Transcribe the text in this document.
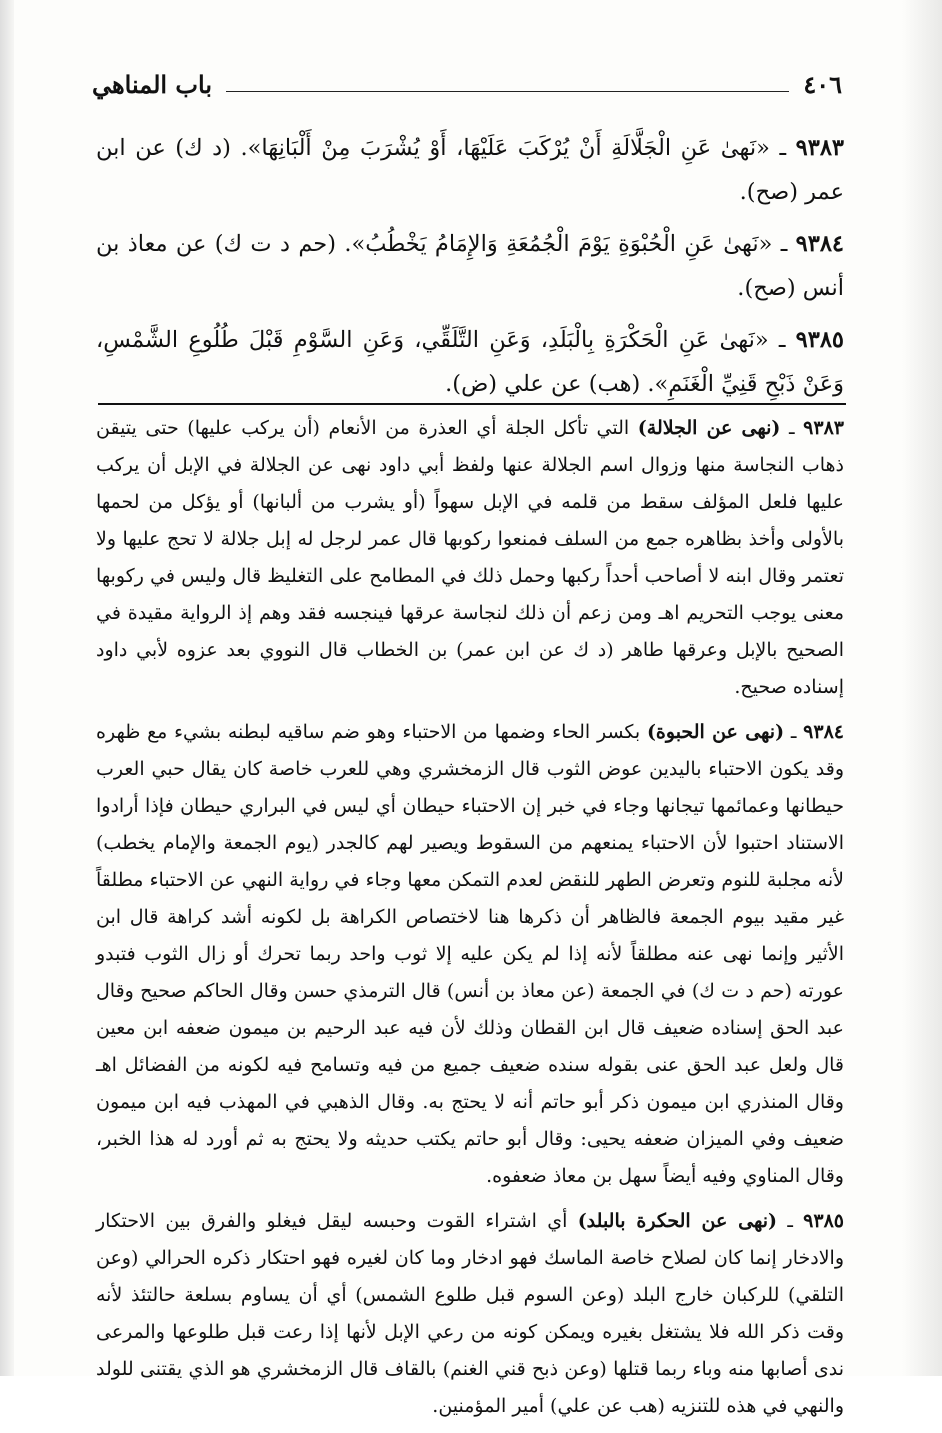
٤٠٦
باب المناهي

٩٣٨٣ ـ «نَهىٰ عَنِ الْجَلَّالَةِ أَنْ يُرْكَبَ عَلَيْهَا، أَوْ يُشْرَبَ مِنْ أَلْبَانِهَا». (د ك) عن ابن عمر (صح).

٩٣٨٤ ـ «نَهىٰ عَنِ الْحُبْوَةِ يَوْمَ الْجُمُعَةِ وَالإِمَامُ يَخْطُبُ». (حم د ت ك) عن معاذ بن أنس (صح).

٩٣٨٥ ـ «نَهىٰ عَنِ الْحَكْرَةِ بِالْبَلَدِ، وَعَنِ التَّلَقِّي، وَعَنِ السَّوْمِ قَبْلَ طُلُوعِ الشَّمْسِ، وَعَنْ ذَبْحِ قَنِيِّ الْغَنَمِ». (هب) عن علي (ض).

٩٣٨٣ ـ (نهى عن الجلالة) التي تأكل الجلة أي العذرة من الأنعام (أن يركب عليها) حتى يتيقن ذهاب النجاسة منها وزوال اسم الجلالة عنها ولفظ أبي داود نهى عن الجلالة في الإبل أن يركب عليها فلعل المؤلف سقط من قلمه في الإبل سهواً (أو يشرب من ألبانها) أو يؤكل من لحمها بالأولى وأخذ بظاهره جمع من السلف فمنعوا ركوبها قال عمر لرجل له إبل جلالة لا تحج عليها ولا تعتمر وقال ابنه لا أصاحب أحداً ركبها وحمل ذلك في المطامح على التغليظ قال وليس في ركوبها معنى يوجب التحريم اهـ ومن زعم أن ذلك لنجاسة عرقها فينجسه فقد وهم إذ الرواية مقيدة في الصحيح بالإبل وعرقها طاهر (د ك عن ابن عمر) بن الخطاب قال النووي بعد عزوه لأبي داود إسناده صحيح.

٩٣٨٤ ـ (نهى عن الحبوة) بكسر الحاء وضمها من الاحتباء وهو ضم ساقيه لبطنه بشيء مع ظهره وقد يكون الاحتباء باليدين عوض الثوب قال الزمخشري وهي للعرب خاصة كان يقال حبي العرب حيطانها وعمائمها تيجانها وجاء في خبر إن الاحتباء حيطان أي ليس في البراري حيطان فإذا أرادوا الاستناد احتبوا لأن الاحتباء يمنعهم من السقوط ويصير لهم كالجدر (يوم الجمعة والإمام يخطب) لأنه مجلبة للنوم وتعرض الطهر للنقض لعدم التمكن معها وجاء في رواية النهي عن الاحتباء مطلقاً غير مقيد بيوم الجمعة فالظاهر أن ذكرها هنا لاختصاص الكراهة بل لكونه أشد كراهة قال ابن الأثير وإنما نهى عنه مطلقاً لأنه إذا لم يكن عليه إلا ثوب واحد ربما تحرك أو زال الثوب فتبدو عورته (حم د ت ك) في الجمعة (عن معاذ بن أنس) قال الترمذي حسن وقال الحاكم صحيح وقال عبد الحق إسناده ضعيف قال ابن القطان وذلك لأن فيه عبد الرحيم بن ميمون ضعفه ابن معين قال ولعل عبد الحق عنى بقوله سنده ضعيف جميع من فيه وتسامح فيه لكونه من الفضائل اهـ وقال المنذري ابن ميمون ذكر أبو حاتم أنه لا يحتج به. وقال الذهبي في المهذب فيه ابن ميمون ضعيف وفي الميزان ضعفه يحيى: وقال أبو حاتم يكتب حديثه ولا يحتج به ثم أورد له هذا الخبر، وقال المناوي وفيه أيضاً سهل بن معاذ ضعفوه.

٩٣٨٥ ـ (نهى عن الحكرة بالبلد) أي اشتراء القوت وحبسه ليقل فيغلو والفرق بين الاحتكار والادخار إنما كان لصلاح خاصة الماسك فهو ادخار وما كان لغيره فهو احتكار ذكره الحرالي (وعن التلقي) للركبان خارج البلد (وعن السوم قبل طلوع الشمس) أي أن يساوم بسلعة حالتئذ لأنه وقت ذكر الله فلا يشتغل بغيره ويمكن كونه من رعي الإبل لأنها إذا رعت قبل طلوعها والمرعى ندى أصابها منه وباء ربما قتلها (وعن ذبح قني الغنم) بالقاف قال الزمخشري هو الذي يقتنى للولد والنهي في هذه للتنزيه (هب عن علي) أمير المؤمنين.
